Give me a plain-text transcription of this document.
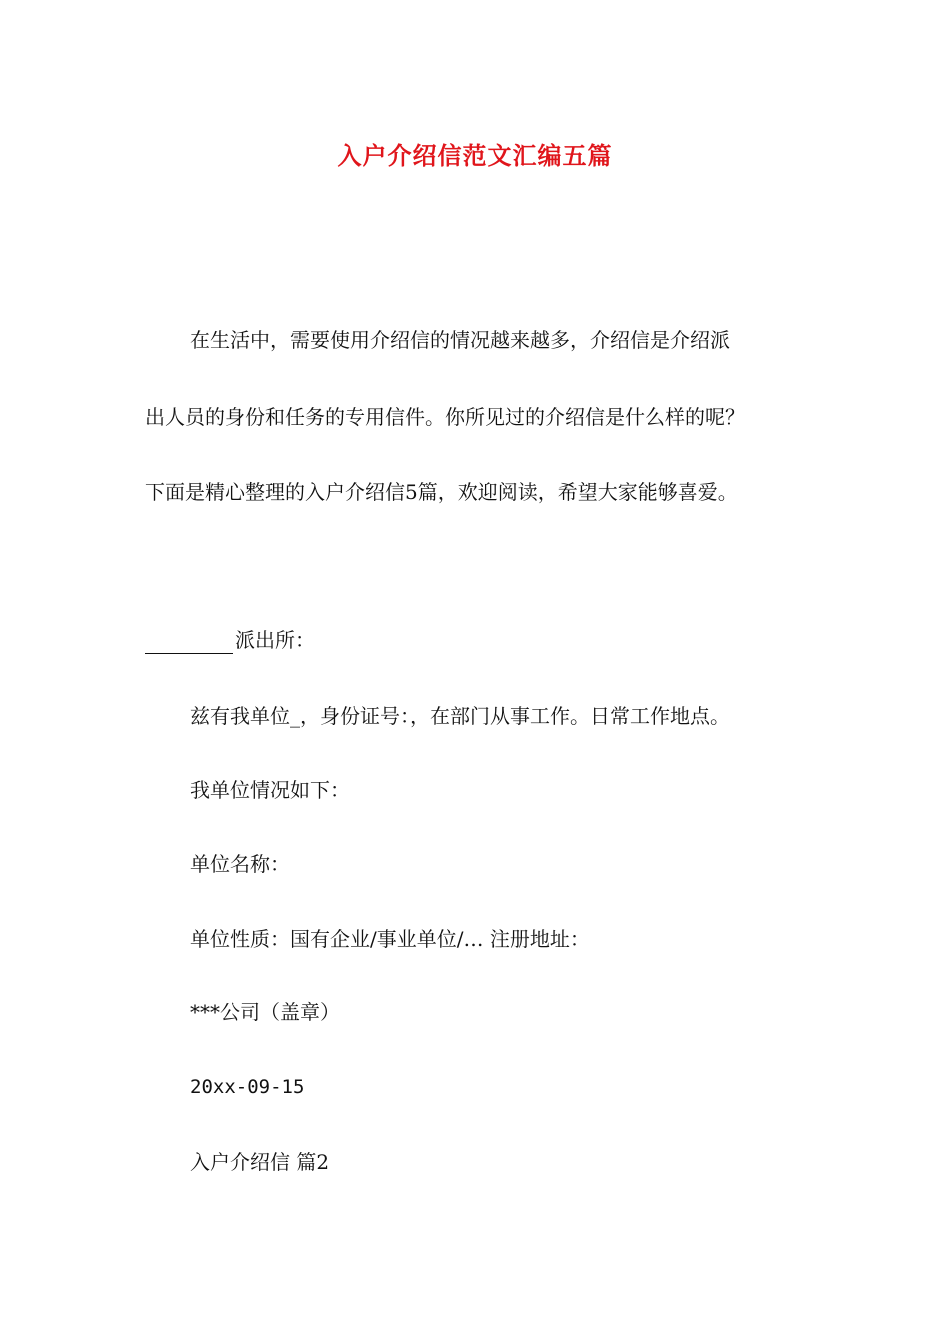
入户介绍信范文汇编五篇
在生活中，需要使用介绍信的情况越来越多，介绍信是介绍派
出人员的身份和任务的专用信件。你所见过的介绍信是什么样的呢？
下面是精心整理的入户介绍信5篇，欢迎阅读，希望大家能够喜爱。
派出所：
兹有我单位_，身份证号：，在部门从事工作。日常工作地点。
我单位情况如下：
单位名称：
单位性质：国有企业/事业单位/… 注册地址：
***公司（盖章）
20xx-09-15
入户介绍信 篇2
